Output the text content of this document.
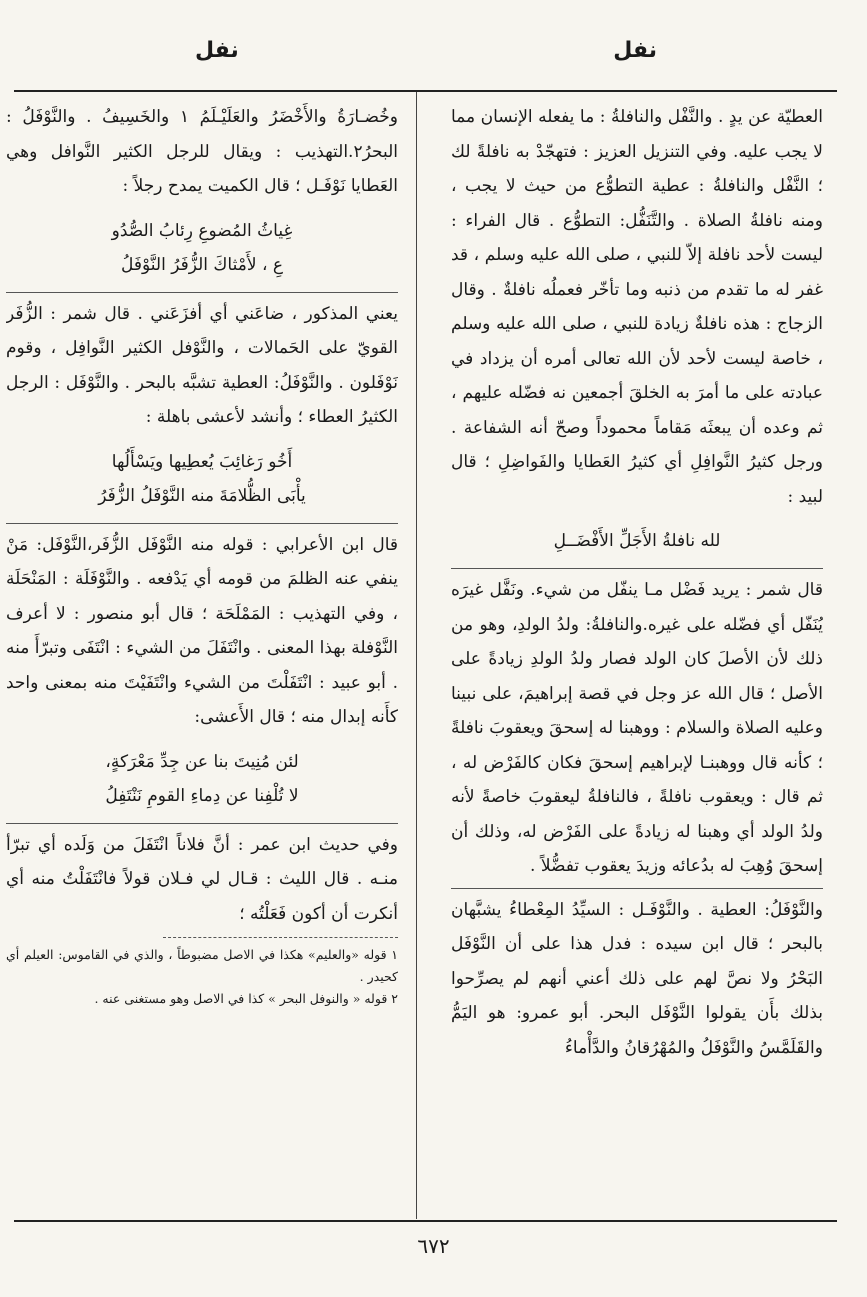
نفل
نفل

العطيّة عن يدٍ . والنَّفْل والنافلةُ : ما يفعله الإنسان مما لا يجب عليه. وفي التنزيل العزيز : فتهجّدْ به نافلةً لك ؛ النَّفْل والنافلةُ : عطية التطوُّع من حيث لا يجب ، ومنه نافلةُ الصلاة . والتَّنَفُّل: التطوُّع . قال الفراء : ليست لأحد نافلة إلاّ للنبي ، صلى الله عليه وسلم ، قد غفر له ما تقدم من ذنبه وما تأخّر فعملُه نافلةٌ . وقال الزجاج : هذه نافلةٌ زيادة للنبي ، صلى الله عليه وسلم ، خاصة ليست لأحد لأن الله تعالى أمره أن يزداد في عبادته على ما أمرَ به الخلقَ أجمعين نه فضّله عليهم ، ثم وعده أن يبعثَه مَقاماً محموداً وصحّ أنه الشفاعة . ورجل كثيرُ النَّوافِلِ أي كثيرُ العَطايا والفَواضِلِ ؛ قال لبيد :

لله نافلةُ الأَجَلِّ الأَفْضَــلِ

قال شمر : يريد فَضْل مـا ينفّل من شيء. ونَفَّل غيرَه يُنَفّل أي فضّله على غيره.والنافلةُ: ولدُ الولدِ، وهو من ذلك لأن الأصلَ كان الولد فصار ولدُ الولدِ زيادةً على الأصل ؛ قال الله عز وجل في قصة إبراهيمَ، على نبينا وعليه الصلاة والسلام : ووهبنا له إسحقَ ويعقوبَ نافلةً ؛ كأنه قال ووهبنـا لإبراهيم إسحقَ فكان كالفَرْض له ، ثم قال : ويعقوب نافلةً ، فالنافلةُ ليعقوبَ خاصةً لأنه ولدُ الولد أي وهبنا له زيادةً على الفَرْض له، وذلك أن إسحقَ وُهِبَ له بدُعائه وزيدَ يعقوب تفضُّلاً .

والنَّوْفَلُ: العطية . والنَّوْفَـل : السيِّدُ المِعْطاءُ يشبَّهان بالبحر ؛ قال ابن سيده : فدل هذا على أن النَّوْفَل البَحْرُ ولا نصَّ لهم على ذلك أعني أنهم لم يصرِّحوا بذلك بأَن يقولوا النَّوْفَل البحر. أبو عمرو: هو اليَمُّ والقَلَمَّسُ والنَّوْفَلُ والمُهْرُقانُ والدَّأْماءُ

وخُضـارَةُ والأَخْضَرُ والعَلَيْـلَمُ ١ والخَسِيفُ . والنَّوْفَلُ : البحرُ٢.التهذيب : ويقال للرجل الكثير النَّوافل وهي العَطايا نَوْفَـل ؛ قال الكميت يمدح رجلاً :

غِياثُ المُضوعِ رِئابُ الصُّدُو
عِ ، لأَمْثاكَ الزُّفَرُ النَّوْفَلُ

يعني المذكور ، ضاعَني أي أفزَعَني . قال شمر : الزُّفَر القويّ على الحَمالات ، والنَّوْفل الكثير النَّوافِل ، وقوم نَوْفَلون . والنَّوْفَلُ: العطية تشبَّه بالبحر . والنَّوْفَل : الرجل الكثيرُ العطاء ؛ وأنشد لأعشى باهلة :

أَخُو رَغائِبَ يُعطِيها ويَسْأَلُها
يأْبَى الظُّلامَةَ منه النَّوْفَلُ الزُّفَرُ

قال ابن الأعرابي : قوله منه النَّوْفَل الزُّفَر،النَّوْفَل: مَنْ ينفي عنه الظلمَ من قومه أي يَدْفعه . والنَّوْفَلَة : المَنْحَلَة ، وفي التهذيب : المَمْلَحَة ؛ قال أبو منصور : لا أعرف النَّوْفلة بهذا المعنى . وانْتَفَلَ من الشيء : انْتَفَى وتبرّأَ منه . أبو عبيد : انْتَفَلْتَ من الشيء وانْتَفَيْتَ منه بمعنى واحد كأَنه إبدال منه ؛ قال الأَعشى:

لئن مُنِيتَ بنا عن جِدِّ مَعْرَكةٍ،
لا تُلْفِنا عن دِماءِ القومِ نَنْتَفِلُ

وفي حديث ابن عمر : أنَّ فلاناً انْتَفَلَ من وَلَده أي تبرّأ منـه . قال الليث : قـال لي فـلان قولاً فانْتَفَلْتُ منه أي أنكرت أن أكون فَعَلْتُه ؛

١ قوله «والعليم» هكذا في الاصل مضبوطاً ، والذي في القاموس: العيلم أي كحيدر .

٢ قوله « والنوفل البحر » كذا في الاصل وهو مستغنى عنه .

٦٧٢
